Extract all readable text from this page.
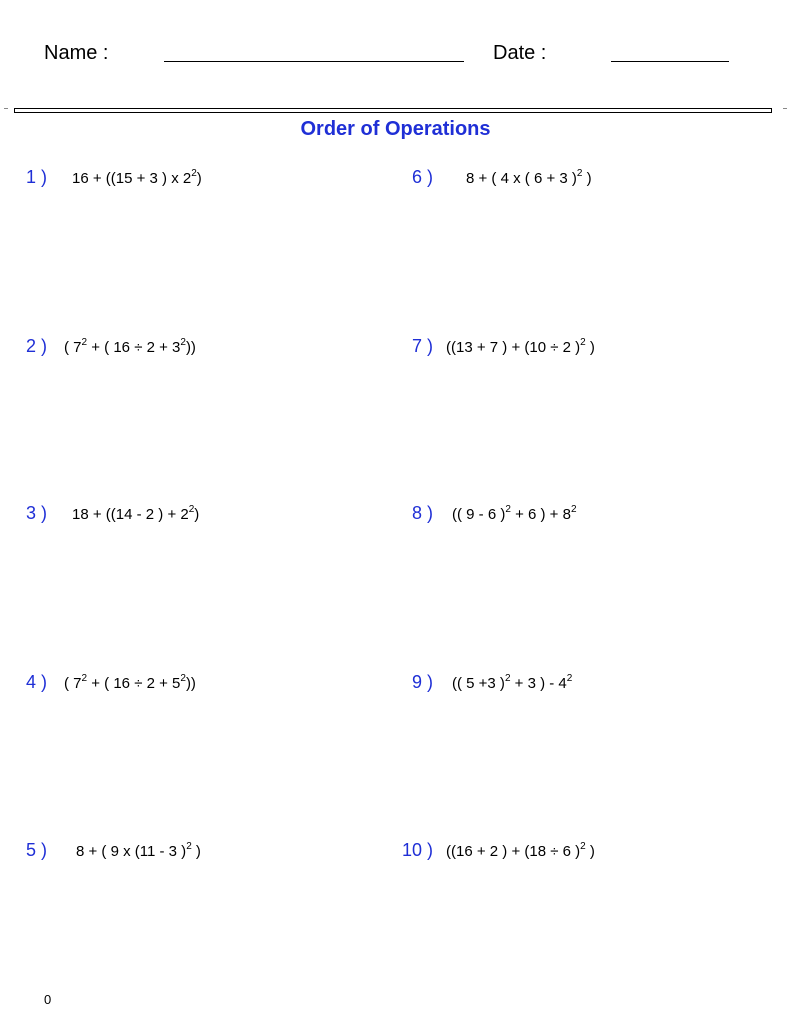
Name :	Date :
Order of Operations
1 ) 16 + ((15 + 3 ) x $2^2$)
2 ) ( $7^2$ + ( $16 \div 2 + 3^2$))
3 ) 18 + ((14 - 2 ) + $2^2$)
4 ) ( $7^2$ + ( $16 \div 2 + 5^2$))
5 ) 8 + ( 9 x (11 - 3 )$^2$ )
6 ) 8 + ( 4 x ( 6 + 3 )$^2$ )
7 ) ((13 + 7 ) + (10 ÷ 2 )$^2$ )
8 ) (( 9 - 6 )$^2$ + 6 ) + $8^2$
9 ) (( 5 +3 )$^2$ + 3 ) - $4^2$
10 ) ((16 + 2 ) + (18 ÷ 6 )$^2$ )
0
